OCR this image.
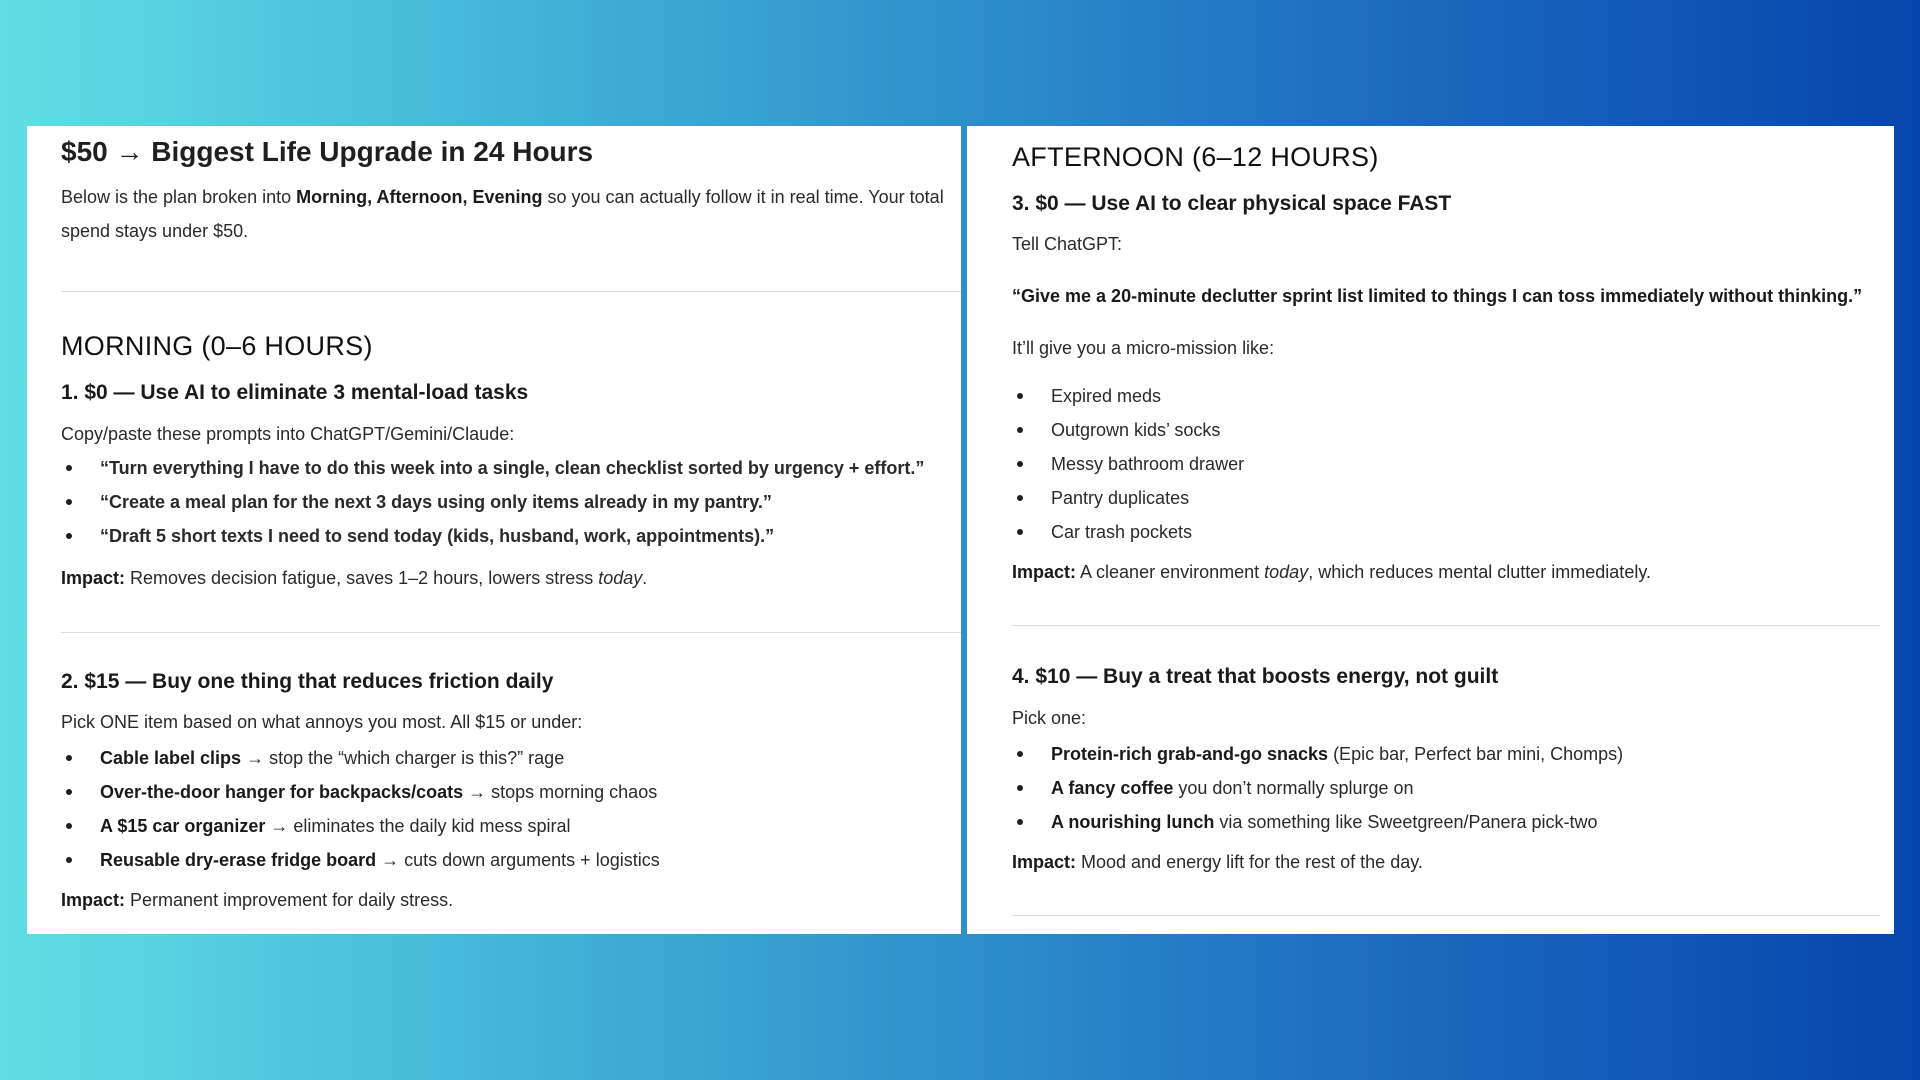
$50 → Biggest Life Upgrade in 24 Hours

Below is the plan broken into Morning, Afternoon, Evening so you can actually follow it in real time. Your total spend stays under $50.

MORNING (0–6 HOURS)
1. $0 — Use AI to eliminate 3 mental-load tasks

Copy/paste these prompts into ChatGPT/Gemini/Claude:

“Turn everything I have to do this week into a single, clean checklist sorted by urgency + effort.”
“Create a meal plan for the next 3 days using only items already in my pantry.”
“Draft 5 short texts I need to send today (kids, husband, work, appointments).”

Impact: Removes decision fatigue, saves 1–2 hours, lowers stress today.

2. $15 — Buy one thing that reduces friction daily

Pick ONE item based on what annoys you most. All $15 or under:

Cable label clips → stop the “which charger is this?” rage
Over-the-door hanger for backpacks/coats → stops morning chaos
A $15 car organizer → eliminates the daily kid mess spiral
Reusable dry-erase fridge board → cuts down arguments + logistics

Impact: Permanent improvement for daily stress.

AFTERNOON (6–12 HOURS)
3. $0 — Use AI to clear physical space FAST

Tell ChatGPT:

“Give me a 20-minute declutter sprint list limited to things I can toss immediately without thinking.”

It’ll give you a micro-mission like:

Expired meds
Outgrown kids’ socks
Messy bathroom drawer
Pantry duplicates
Car trash pockets

Impact: A cleaner environment today, which reduces mental clutter immediately.

4. $10 — Buy a treat that boosts energy, not guilt

Pick one:

Protein-rich grab-and-go snacks (Epic bar, Perfect bar mini, Chomps)
A fancy coffee you don’t normally splurge on
A nourishing lunch via something like Sweetgreen/Panera pick-two

Impact: Mood and energy lift for the rest of the day.
